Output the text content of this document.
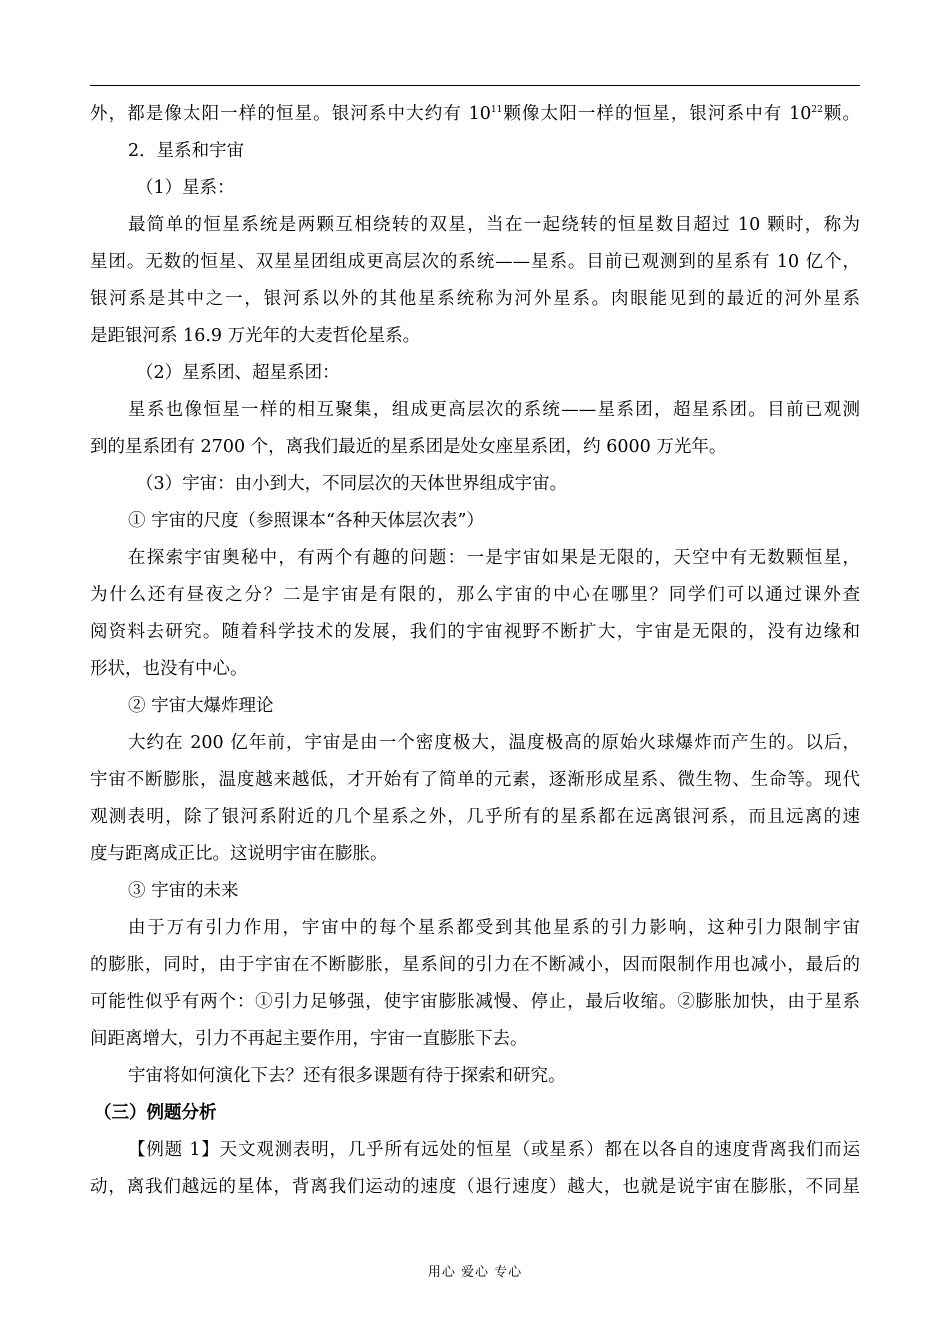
外，都是像太阳一样的恒星。银河系中大约有 $10^{11}$颗像太阳一样的恒星，银河系中有 $10^{22}$颗。
2．星系和宇宙
（1）星系：
最简单的恒星系统是两颗互相绕转的双星，当在一起绕转的恒星数目超过 10 颗时，称为
星团。无数的恒星、双星星团组成更高层次的系统——星系。目前已观测到的星系有 10 亿个，
银河系是其中之一，银河系以外的其他星系统称为河外星系。肉眼能见到的最近的河外星系
是距银河系 16.9 万光年的大麦哲伦星系。
（2）星系团、超星系团：
星系也像恒星一样的相互聚集，组成更高层次的系统——星系团，超星系团。目前已观测
到的星系团有 2700 个，离我们最近的星系团是处女座星系团，约 6000 万光年。
（3）宇宙：由小到大，不同层次的天体世界组成宇宙。
① 宇宙的尺度（参照课本“各种天体层次表”）
在探索宇宙奥秘中，有两个有趣的问题：一是宇宙如果是无限的，天空中有无数颗恒星，
为什么还有昼夜之分？二是宇宙是有限的，那么宇宙的中心在哪里？同学们可以通过课外查
阅资料去研究。随着科学技术的发展，我们的宇宙视野不断扩大，宇宙是无限的，没有边缘和
形状，也没有中心。
② 宇宙大爆炸理论
大约在 200 亿年前，宇宙是由一个密度极大，温度极高的原始火球爆炸而产生的。以后，
宇宙不断膨胀，温度越来越低，才开始有了简单的元素，逐渐形成星系、微生物、生命等。现代
观测表明，除了银河系附近的几个星系之外，几乎所有的星系都在远离银河系，而且远离的速
度与距离成正比。这说明宇宙在膨胀。
③ 宇宙的未来
由于万有引力作用，宇宙中的每个星系都受到其他星系的引力影响，这种引力限制宇宙
的膨胀，同时，由于宇宙在不断膨胀，星系间的引力在不断减小，因而限制作用也减小，最后的
可能性似乎有两个：①引力足够强，使宇宙膨胀减慢、停止，最后收缩。②膨胀加快，由于星系
间距离增大，引力不再起主要作用，宇宙一直膨胀下去。
宇宙将如何演化下去？还有很多课题有待于探索和研究。
（三）例题分析
【例题 1】天文观测表明，几乎所有远处的恒星（或星系）都在以各自的速度背离我们而运
动，离我们越远的星体，背离我们运动的速度（退行速度）越大，也就是说宇宙在膨胀，不同星
用心 爱心 专心
